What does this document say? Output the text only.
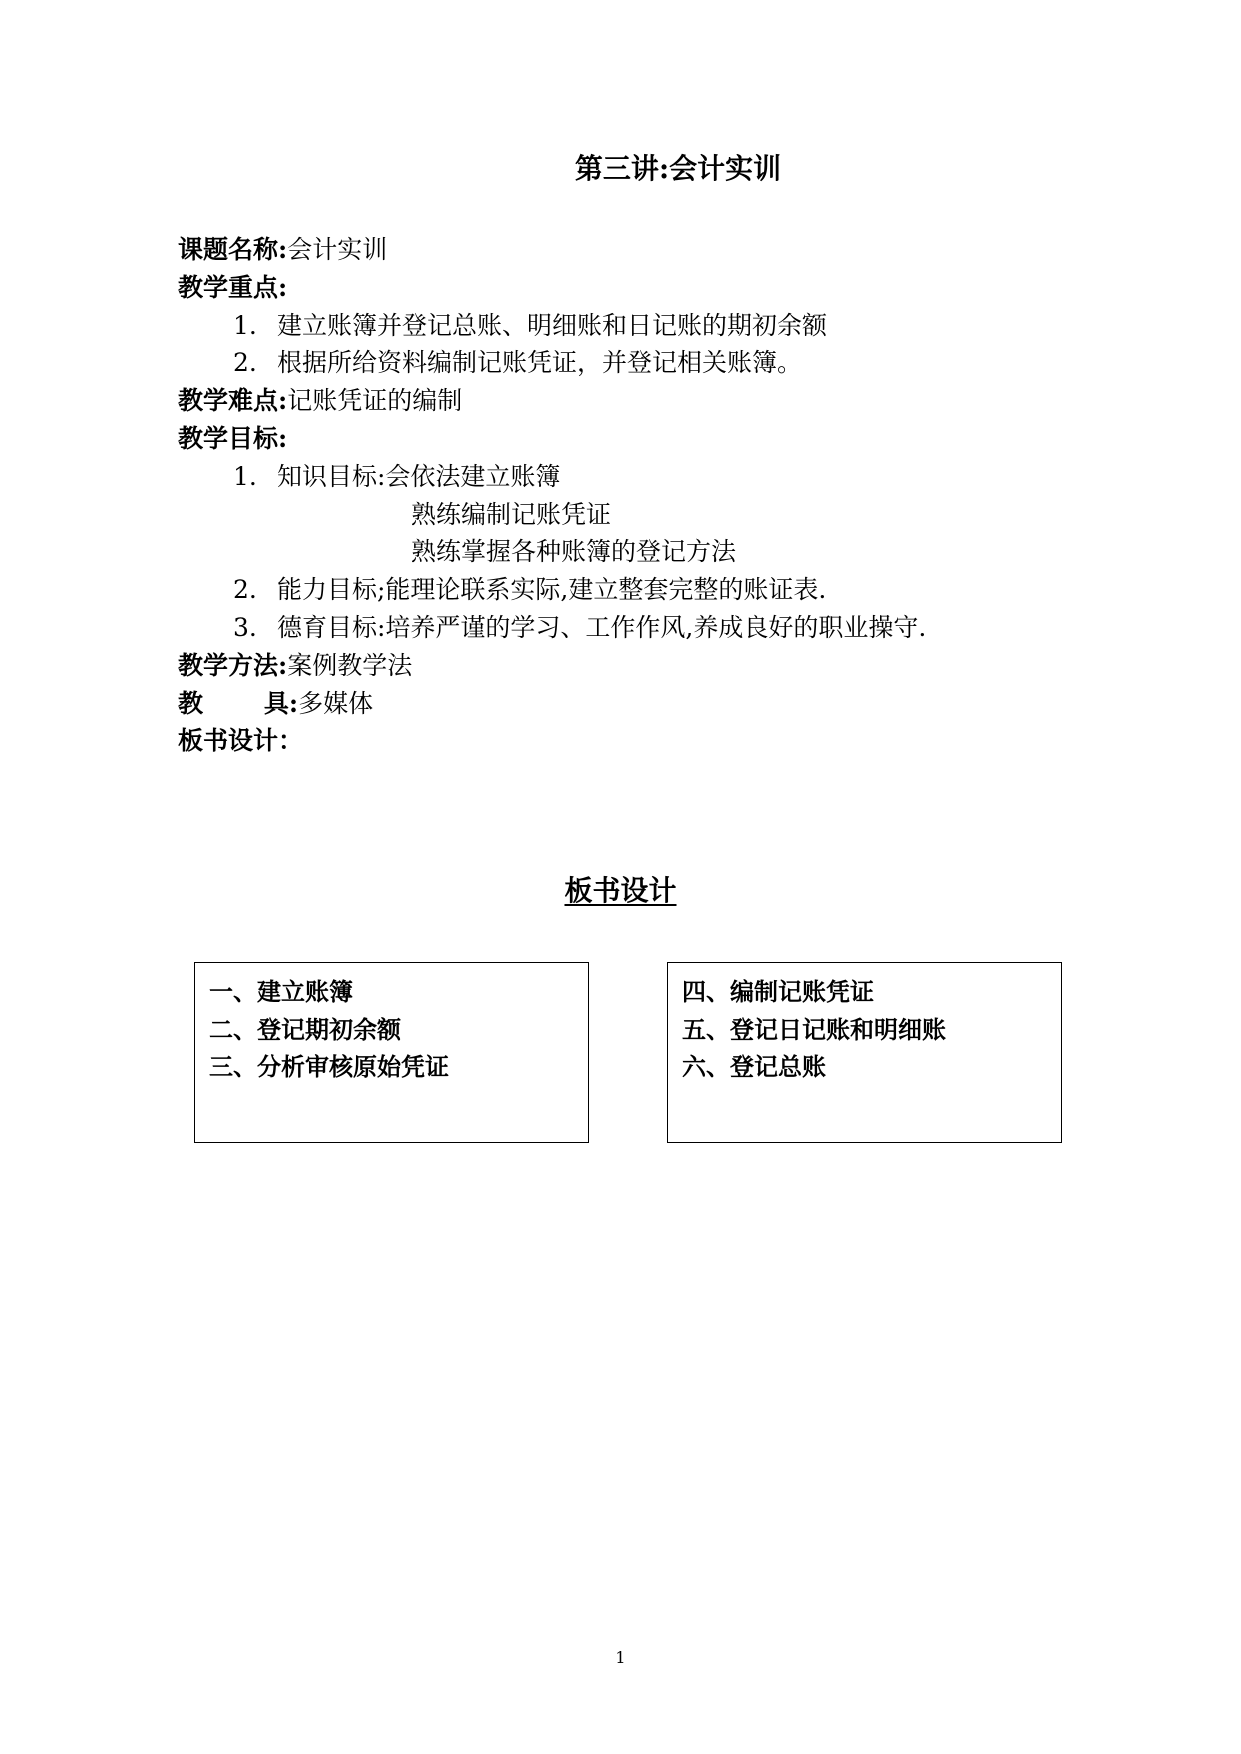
第三讲:会计实训
课题名称:会计实训
教学重点:
1. 建立账簿并登记总账、明细账和日记账的期初余额
2. 根据所给资料编制记账凭证，并登记相关账簿。
教学难点:记账凭证的编制
教学目标:
1. 知识目标:会依法建立账簿
熟练编制记账凭证
熟练掌握各种账簿的登记方法
2. 能力目标;能理论联系实际,建立整套完整的账证表.
3. 德育目标:培养严谨的学习、工作作风,养成良好的职业操守.
教学方法:案例教学法
教       具:多媒体
板书设计：
板书设计
一、建立账簿
二、登记期初余额
三、分析审核原始凭证
四、编制记账凭证
五、登记日记账和明细账
六、登记总账
1
